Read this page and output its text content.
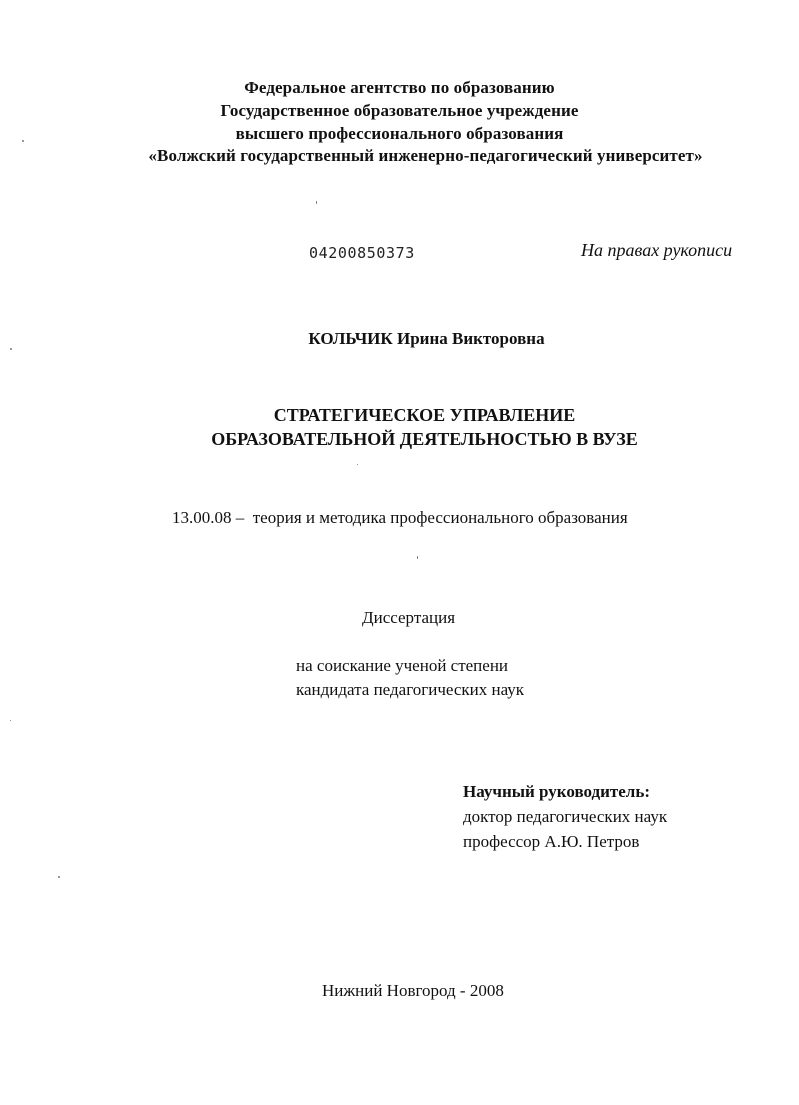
Федеральное агентство по образованию
Государственное образовательное учреждение
высшего профессионального образования
«Волжский государственный инженерно-педагогический университет»
04200850373	На правах рукописи
КОЛЬЧИК Ирина Викторовна
СТРАТЕГИЧЕСКОЕ УПРАВЛЕНИЕ
ОБРАЗОВАТЕЛЬНОЙ ДЕЯТЕЛЬНОСТЬЮ В ВУЗЕ
13.00.08 – теория и методика профессионального образования
Диссертация
на соискание ученой степени
кандидата педагогических наук
Научный руководитель:
доктор педагогических наук
профессор А.Ю. Петров
Нижний Новгород - 2008
